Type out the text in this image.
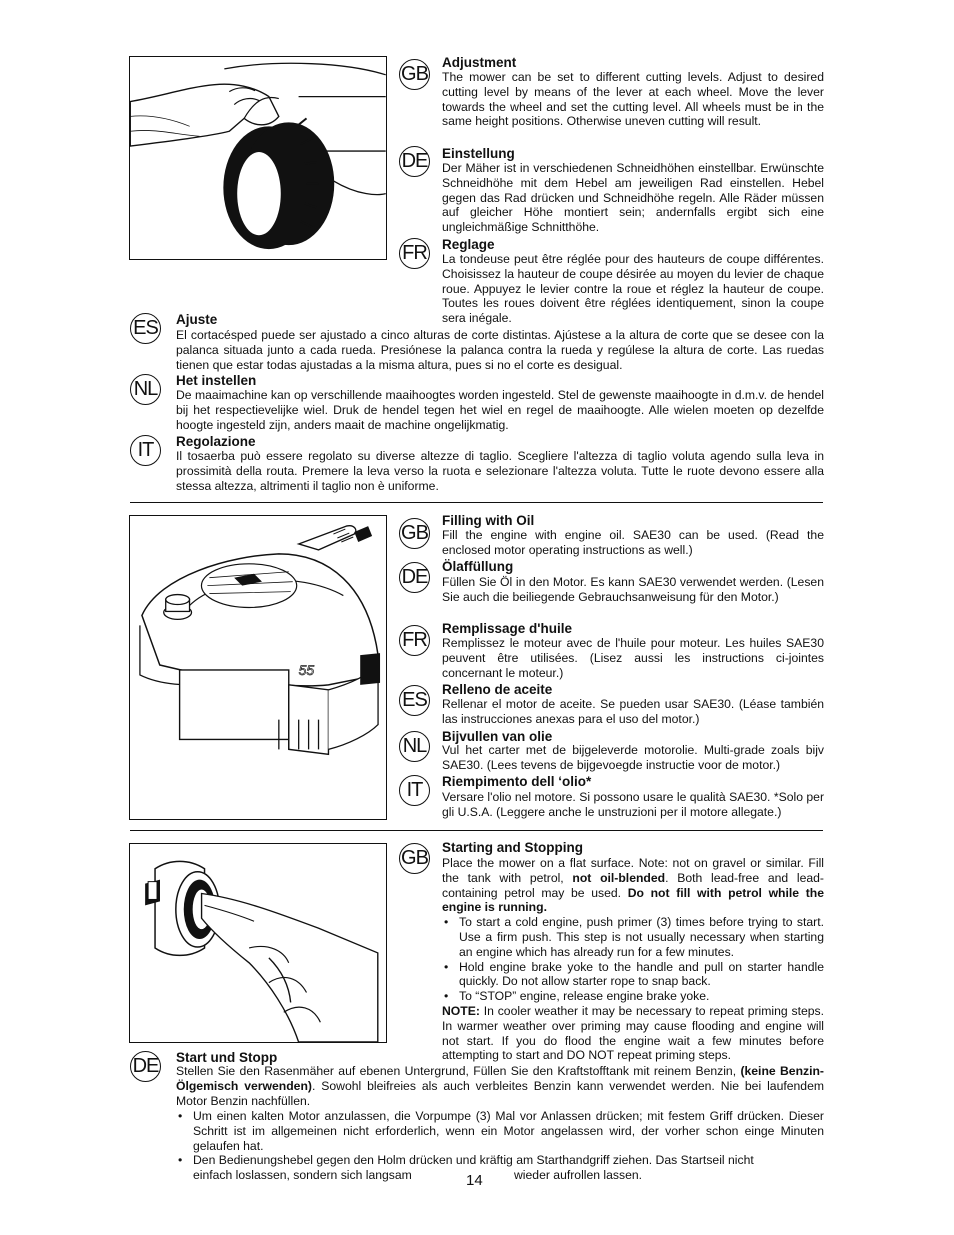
GB
Adjustment
The mower can be set to different cutting levels. Adjust to desired cutting level by means of the lever at each wheel. Move the lever towards the wheel and set the cutting level. All wheels must be in the same height positions. Otherwise uneven cutting will result.
DE Einstellung
Der Mäher ist in verschiedenen Schneidhöhen einstellbar. Erwünschte Schneidhöhe mit dem Hebel am jeweiligen Rad einstellen. Hebel gegen das Rad drücken und Schneidhöhe regeln. Alle Räder müssen auf gleicher Höhe montiert sein; andernfalls ergibt sich eine ungleichmäßige Schnitthöhe.
FR Reglage
La tondeuse peut être réglée pour des hauteurs de coupe différentes. Choisissez la hauteur de coupe désirée au moyen du levier de chaque roue. Appuyez le levier contre la roue et réglez la hauteur de coupe. Toutes les roues doivent être réglées identiquement, sinon la coupe sera inégale.
ES Ajuste
El cortacésped puede ser ajustado a cinco alturas de corte distintas. Ajústese a la altura de corte que se desee con la palanca situada junto a cada rueda. Presiónese la palanca contra la rueda y regúlese la altura de corte. Las ruedas tienen que estar todas ajustadas a la misma altura, pues si no el corte es desigual.
NL Het instellen
De maaimachine kan op verschillende maaihoogtes worden ingesteld. Stel de gewenste maaihoogte in d.m.v. de hendel bij het respectievelijke wiel. Druk de hendel tegen het wiel en regel de maaihoogte. Alle wielen moeten op dezelfde hoogte ingesteld zijn, anders maait de machine ongelijkmatig.
IT	Regolazione
Il tosaerba può essere regolato su diverse altezze di taglio. Scegliere l'altezza di taglio voluta agendo sulla leva in prossimità della routa. Premere la leva verso la ruota e selezionare l'altezza voluta. Tutte le ruote devono essere alla stessa altezza, altrimenti il taglio non è uniforme.
55
GB
Filling with Oil
Fill the engine with engine oil. SAE30 can be used. (Read the enclosed motor operating instructions as well.)
DE Ölaffüllung
Füllen Sie Öl in den Motor. Es kann SAE30 verwendet werden. (Lesen Sie auch die beiliegende Gebrauchsanweisung für den Motor.)
FR
Remplissage d'huile
Remplissez le moteur avec de l'huile pour moteur. Les huiles SAE30 peuvent être utilisées. (Lisez aussi les instructions ci-jointes concernant le moteur.)
ES Relleno de aceite
Rellenar el motor de aceite. Se pueden usar SAE30. (Léase también las instrucciones anexas para el uso del motor.)
NL Bijvullen van olie
Vul het carter met de bijgeleverde motorolie. Multi-grade zoals bijv SAE30. (Lees tevens de bijgevoegde instructie voor de motor.)
IT	Riempimento dell ‘olio*
Versare l'olio nel motore. Si possono usare le qualità SAE30. *Solo per gli U.S.A. (Leggere anche le unstruzioni per il motore allegate.)
GB Starting and Stopping
Place the mower on a flat surface. Note: not on gravel or similar. Fill the tank with petrol, not oil-blended. Both lead-free and lead-containing petrol may be used. Do not fill with petrol while the engine is running.
• To start a cold engine, push primer (3) times before trying to start. Use a firm push. This step is not usually necessary when starting an engine which has already run for a few minutes.
• Hold engine brake yoke to the handle and pull on starter handle quickly. Do not allow starter rope to snap back.
• To “STOP” engine, release engine brake yoke.
NOTE: In cooler weather it may be necessary to repeat priming steps. In warmer weather over priming may cause flooding and engine will not start. If you do flood the engine wait a few minutes before attempting to start and DO NOT repeat priming steps.
DE Start und Stopp
Stellen Sie den Rasenmäher auf ebenen Untergrund, Füllen Sie den Kraftstofftank mit reinem Benzin, (keine Benzin-Ölgemisch verwenden). Sowohl bleifreies als auch verbleites Benzin kann verwendet werden. Nie bei laufendem Motor Benzin nachfüllen.
• Um einen kalten Motor anzulassen, die Vorpumpe (3) Mal vor Anlassen drücken; mit festem Griff drücken. Dieser Schritt ist im allgemeinen nicht erforderlich, wenn ein Motor angelassen wird, der vorher schon einge Minuten gelaufen hat.
• Den Bedienungshebel gegen den Holm drücken und kräftig am Starthandgriff ziehen. Das Startseil nicht
einfach loslassen, sondern sich langsam	wieder aufrollen lassen.
14
